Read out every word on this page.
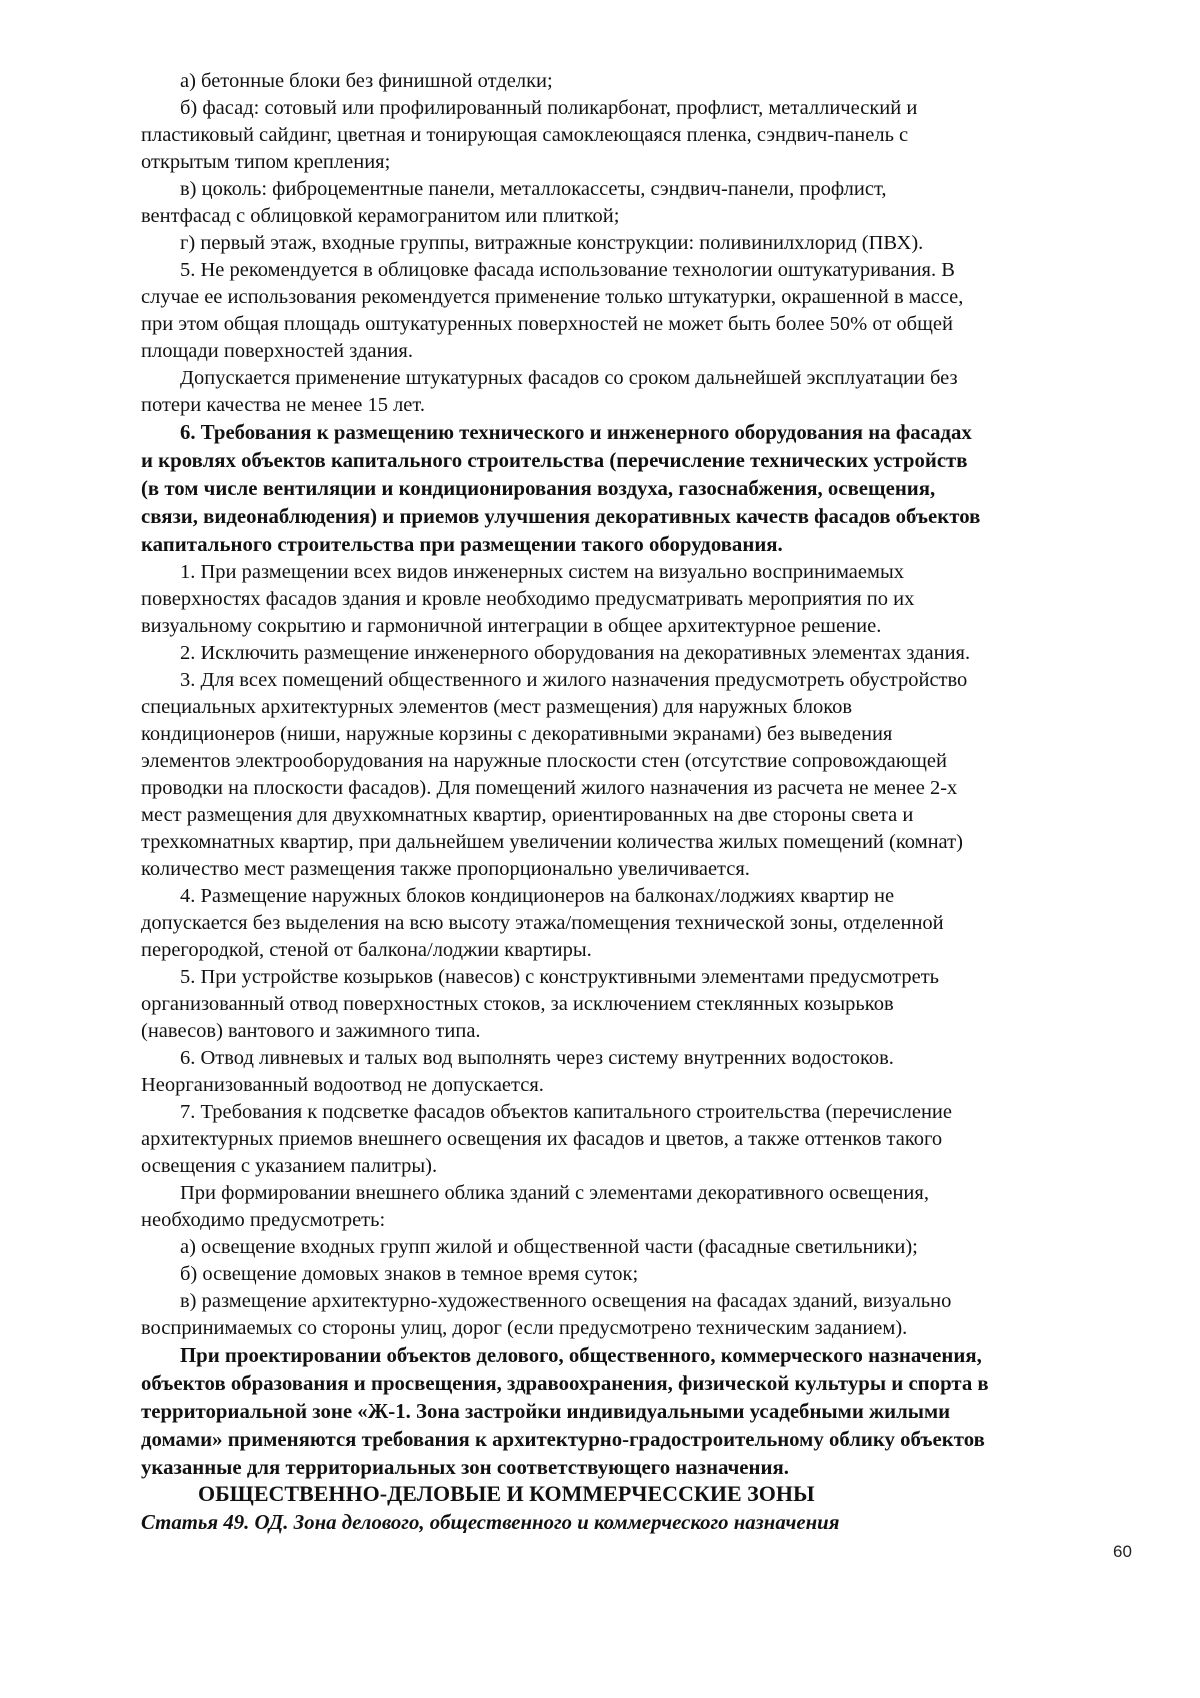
а) бетонные блоки без финишной отделки;
б) фасад: сотовый или профилированный поликарбонат, профлист, металлический и
пластиковый сайдинг, цветная и тонирующая самоклеющаяся пленка, сэндвич-панель с
открытым типом крепления;
в) цоколь: фиброцементные панели, металлокассеты, сэндвич-панели, профлист,
вентфасад с облицовкой керамогранитом или плиткой;
г) первый этаж, входные группы, витражные конструкции: поливинилхлорид (ПВХ).
5. Не рекомендуется в облицовке фасада использование технологии оштукатуривания. В
случае ее использования рекомендуется применение только штукатурки, окрашенной в массе,
при этом общая площадь оштукатуренных поверхностей не может быть более 50% от общей
площади поверхностей здания.
Допускается применение штукатурных фасадов со сроком дальнейшей эксплуатации без
потери качества не менее 15 лет.
6. Требования к размещению технического и инженерного оборудования на фасадах
и кровлях объектов капитального строительства (перечисление технических устройств
(в том числе вентиляции и кондиционирования воздуха, газоснабжения, освещения,
связи, видеонаблюдения) и приемов улучшения декоративных качеств фасадов объектов
капитального строительства при размещении такого оборудования.
1. При размещении всех видов инженерных систем на визуально воспринимаемых
поверхностях фасадов здания и кровле необходимо предусматривать мероприятия по их
визуальному сокрытию и гармоничной интеграции в общее архитектурное решение.
2. Исключить размещение инженерного оборудования на декоративных элементах здания.
3. Для всех помещений общественного и жилого назначения предусмотреть обустройство
специальных архитектурных элементов (мест размещения) для наружных блоков
кондиционеров (ниши, наружные корзины с декоративными экранами) без выведения
элементов электрооборудования на наружные плоскости стен (отсутствие сопровождающей
проводки на плоскости фасадов). Для помещений жилого назначения из расчета не менее 2-х
мест размещения для двухкомнатных квартир, ориентированных на две стороны света и
трехкомнатных квартир, при дальнейшем увеличении количества жилых помещений (комнат)
количество мест размещения также пропорционально увеличивается.
4. Размещение наружных блоков кондиционеров на балконах/лоджиях квартир не
допускается без выделения на всю высоту этажа/помещения технической зоны, отделенной
перегородкой, стеной от балкона/лоджии квартиры.
5. При устройстве козырьков (навесов) с конструктивными элементами предусмотреть
организованный отвод поверхностных стоков, за исключением стеклянных козырьков
(навесов) вантового и зажимного типа.
6. Отвод ливневых и талых вод выполнять через систему внутренних водостоков.
Неорганизованный водоотвод не допускается.
7. Требования к подсветке фасадов объектов капитального строительства (перечисление
архитектурных приемов внешнего освещения их фасадов и цветов, а также оттенков такого
освещения с указанием палитры).
При формировании внешнего облика зданий с элементами декоративного освещения,
необходимо предусмотреть:
а) освещение входных групп жилой и общественной части (фасадные светильники);
б) освещение домовых знаков в темное время суток;
в) размещение архитектурно-художественного освещения на фасадах зданий, визуально
воспринимаемых со стороны улиц, дорог (если предусмотрено техническим заданием).
При проектировании объектов делового, общественного, коммерческого назначения,
объектов образования и просвещения, здравоохранения, физической культуры и спорта в
территориальной зоне «Ж-1. Зона застройки индивидуальными усадебными жилыми
домами» применяются требования к архитектурно-градостроительному облику объектов
указанные для территориальных зон соответствующего назначения.
ОБЩЕСТВЕННО-ДЕЛОВЫЕ И КОММЕРЧЕССКИЕ ЗОНЫ
Статья 49. ОД. Зона делового, общественного и коммерческого назначения
60
